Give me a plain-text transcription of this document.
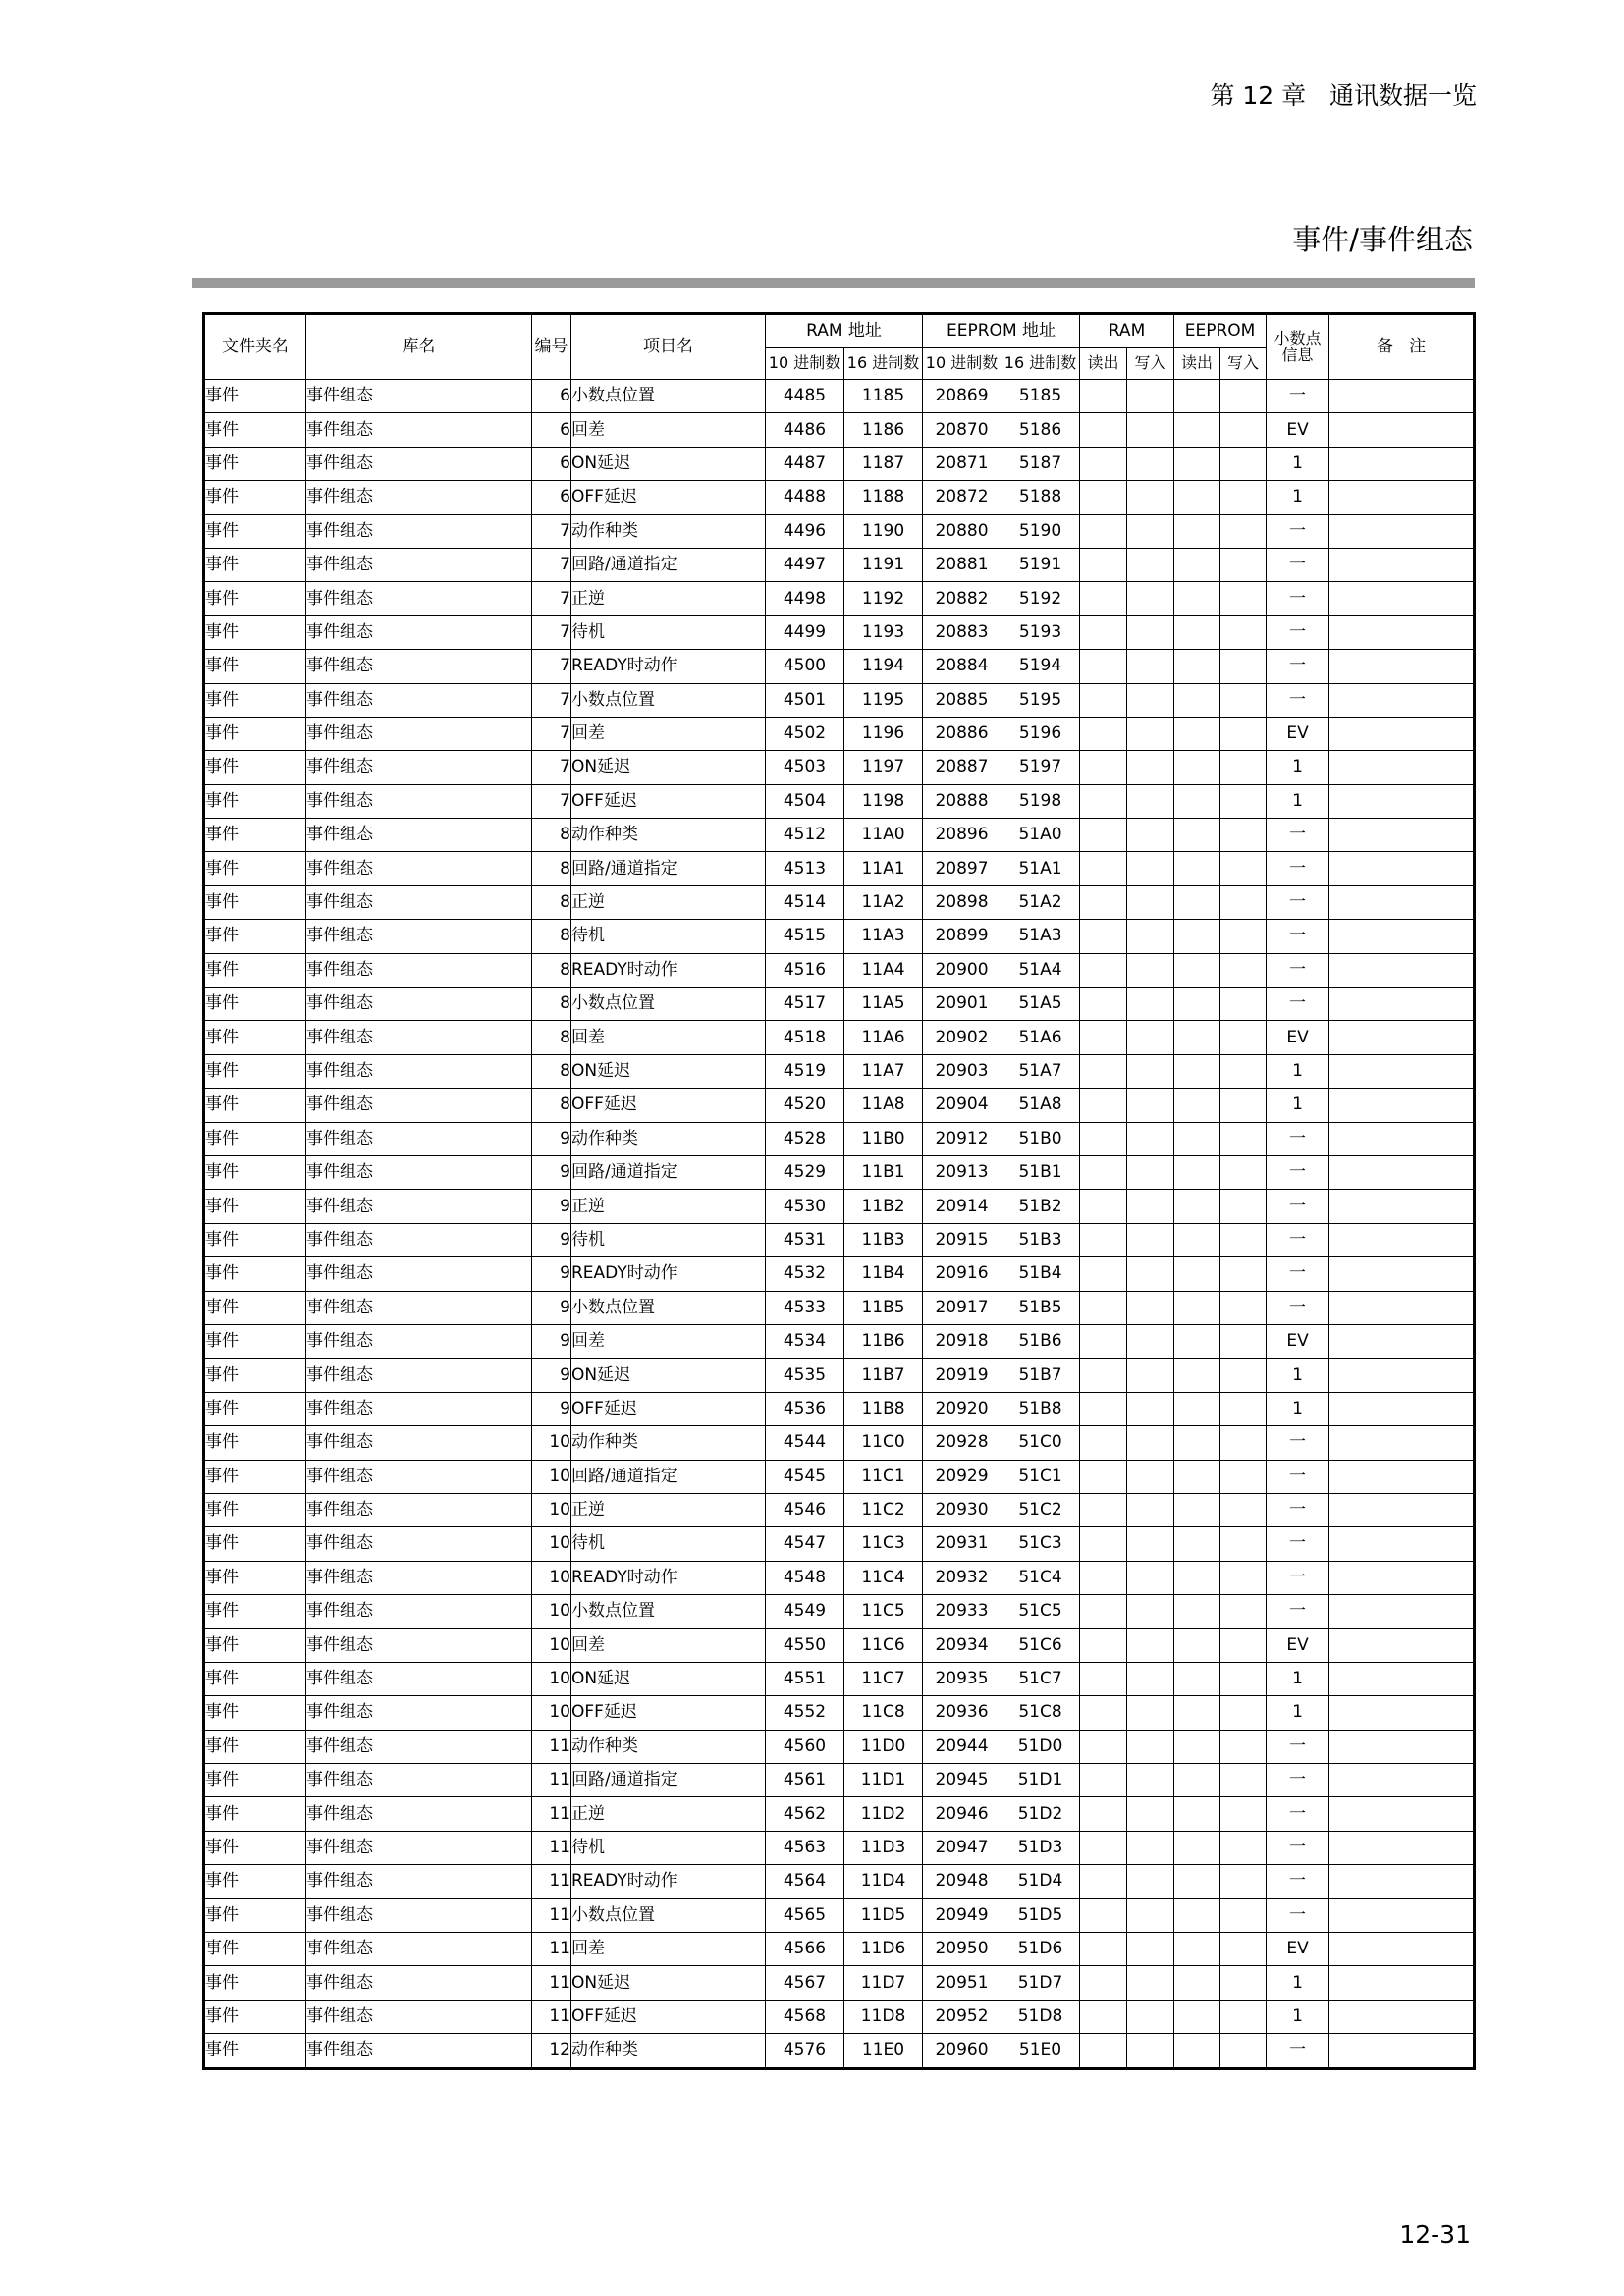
第 12 章   通讯数据一览
事件/事件组态
文件夹名	库名	编号	项目名	RAM 地址		EEPROM 地址		RAM		EEPROM		小数点
信息	备   注
				10 进制数	16 进制数	10 进制数	16 进制数	读出	写入	读出	写入		
事件	事件组态	6	小数点位置	4485	1185	20869	5185					一	
事件	事件组态	6	回差	4486	1186	20870	5186					EV	
事件	事件组态	6	ON延迟	4487	1187	20871	5187					1	
事件	事件组态	6	OFF延迟	4488	1188	20872	5188					1	
事件	事件组态	7	动作种类	4496	1190	20880	5190					一	
事件	事件组态	7	回路/通道指定	4497	1191	20881	5191					一	
事件	事件组态	7	正逆	4498	1192	20882	5192					一	
事件	事件组态	7	待机	4499	1193	20883	5193					一	
事件	事件组态	7	READY时动作	4500	1194	20884	5194					一	
事件	事件组态	7	小数点位置	4501	1195	20885	5195					一	
事件	事件组态	7	回差	4502	1196	20886	5196					EV	
事件	事件组态	7	ON延迟	4503	1197	20887	5197					1	
事件	事件组态	7	OFF延迟	4504	1198	20888	5198					1	
事件	事件组态	8	动作种类	4512	11A0	20896	51A0					一	
事件	事件组态	8	回路/通道指定	4513	11A1	20897	51A1					一	
事件	事件组态	8	正逆	4514	11A2	20898	51A2					一	
事件	事件组态	8	待机	4515	11A3	20899	51A3					一	
事件	事件组态	8	READY时动作	4516	11A4	20900	51A4					一	
事件	事件组态	8	小数点位置	4517	11A5	20901	51A5					一	
事件	事件组态	8	回差	4518	11A6	20902	51A6					EV	
事件	事件组态	8	ON延迟	4519	11A7	20903	51A7					1	
事件	事件组态	8	OFF延迟	4520	11A8	20904	51A8					1	
事件	事件组态	9	动作种类	4528	11B0	20912	51B0					一	
事件	事件组态	9	回路/通道指定	4529	11B1	20913	51B1					一	
事件	事件组态	9	正逆	4530	11B2	20914	51B2					一	
事件	事件组态	9	待机	4531	11B3	20915	51B3					一	
事件	事件组态	9	READY时动作	4532	11B4	20916	51B4					一	
事件	事件组态	9	小数点位置	4533	11B5	20917	51B5					一	
事件	事件组态	9	回差	4534	11B6	20918	51B6					EV	
事件	事件组态	9	ON延迟	4535	11B7	20919	51B7					1	
事件	事件组态	9	OFF延迟	4536	11B8	20920	51B8					1	
事件	事件组态	10	动作种类	4544	11C0	20928	51C0					一	
事件	事件组态	10	回路/通道指定	4545	11C1	20929	51C1					一	
事件	事件组态	10	正逆	4546	11C2	20930	51C2					一	
事件	事件组态	10	待机	4547	11C3	20931	51C3					一	
事件	事件组态	10	READY时动作	4548	11C4	20932	51C4					一	
事件	事件组态	10	小数点位置	4549	11C5	20933	51C5					一	
事件	事件组态	10	回差	4550	11C6	20934	51C6					EV	
事件	事件组态	10	ON延迟	4551	11C7	20935	51C7					1	
事件	事件组态	10	OFF延迟	4552	11C8	20936	51C8					1	
事件	事件组态	11	动作种类	4560	11D0	20944	51D0					一	
事件	事件组态	11	回路/通道指定	4561	11D1	20945	51D1					一	
事件	事件组态	11	正逆	4562	11D2	20946	51D2					一	
事件	事件组态	11	待机	4563	11D3	20947	51D3					一	
事件	事件组态	11	READY时动作	4564	11D4	20948	51D4					一	
事件	事件组态	11	小数点位置	4565	11D5	20949	51D5					一	
事件	事件组态	11	回差	4566	11D6	20950	51D6					EV	
事件	事件组态	11	ON延迟	4567	11D7	20951	51D7					1	
事件	事件组态	11	OFF延迟	4568	11D8	20952	51D8					1	
事件	事件组态	12	动作种类	4576	11E0	20960	51E0					一	
12-31
